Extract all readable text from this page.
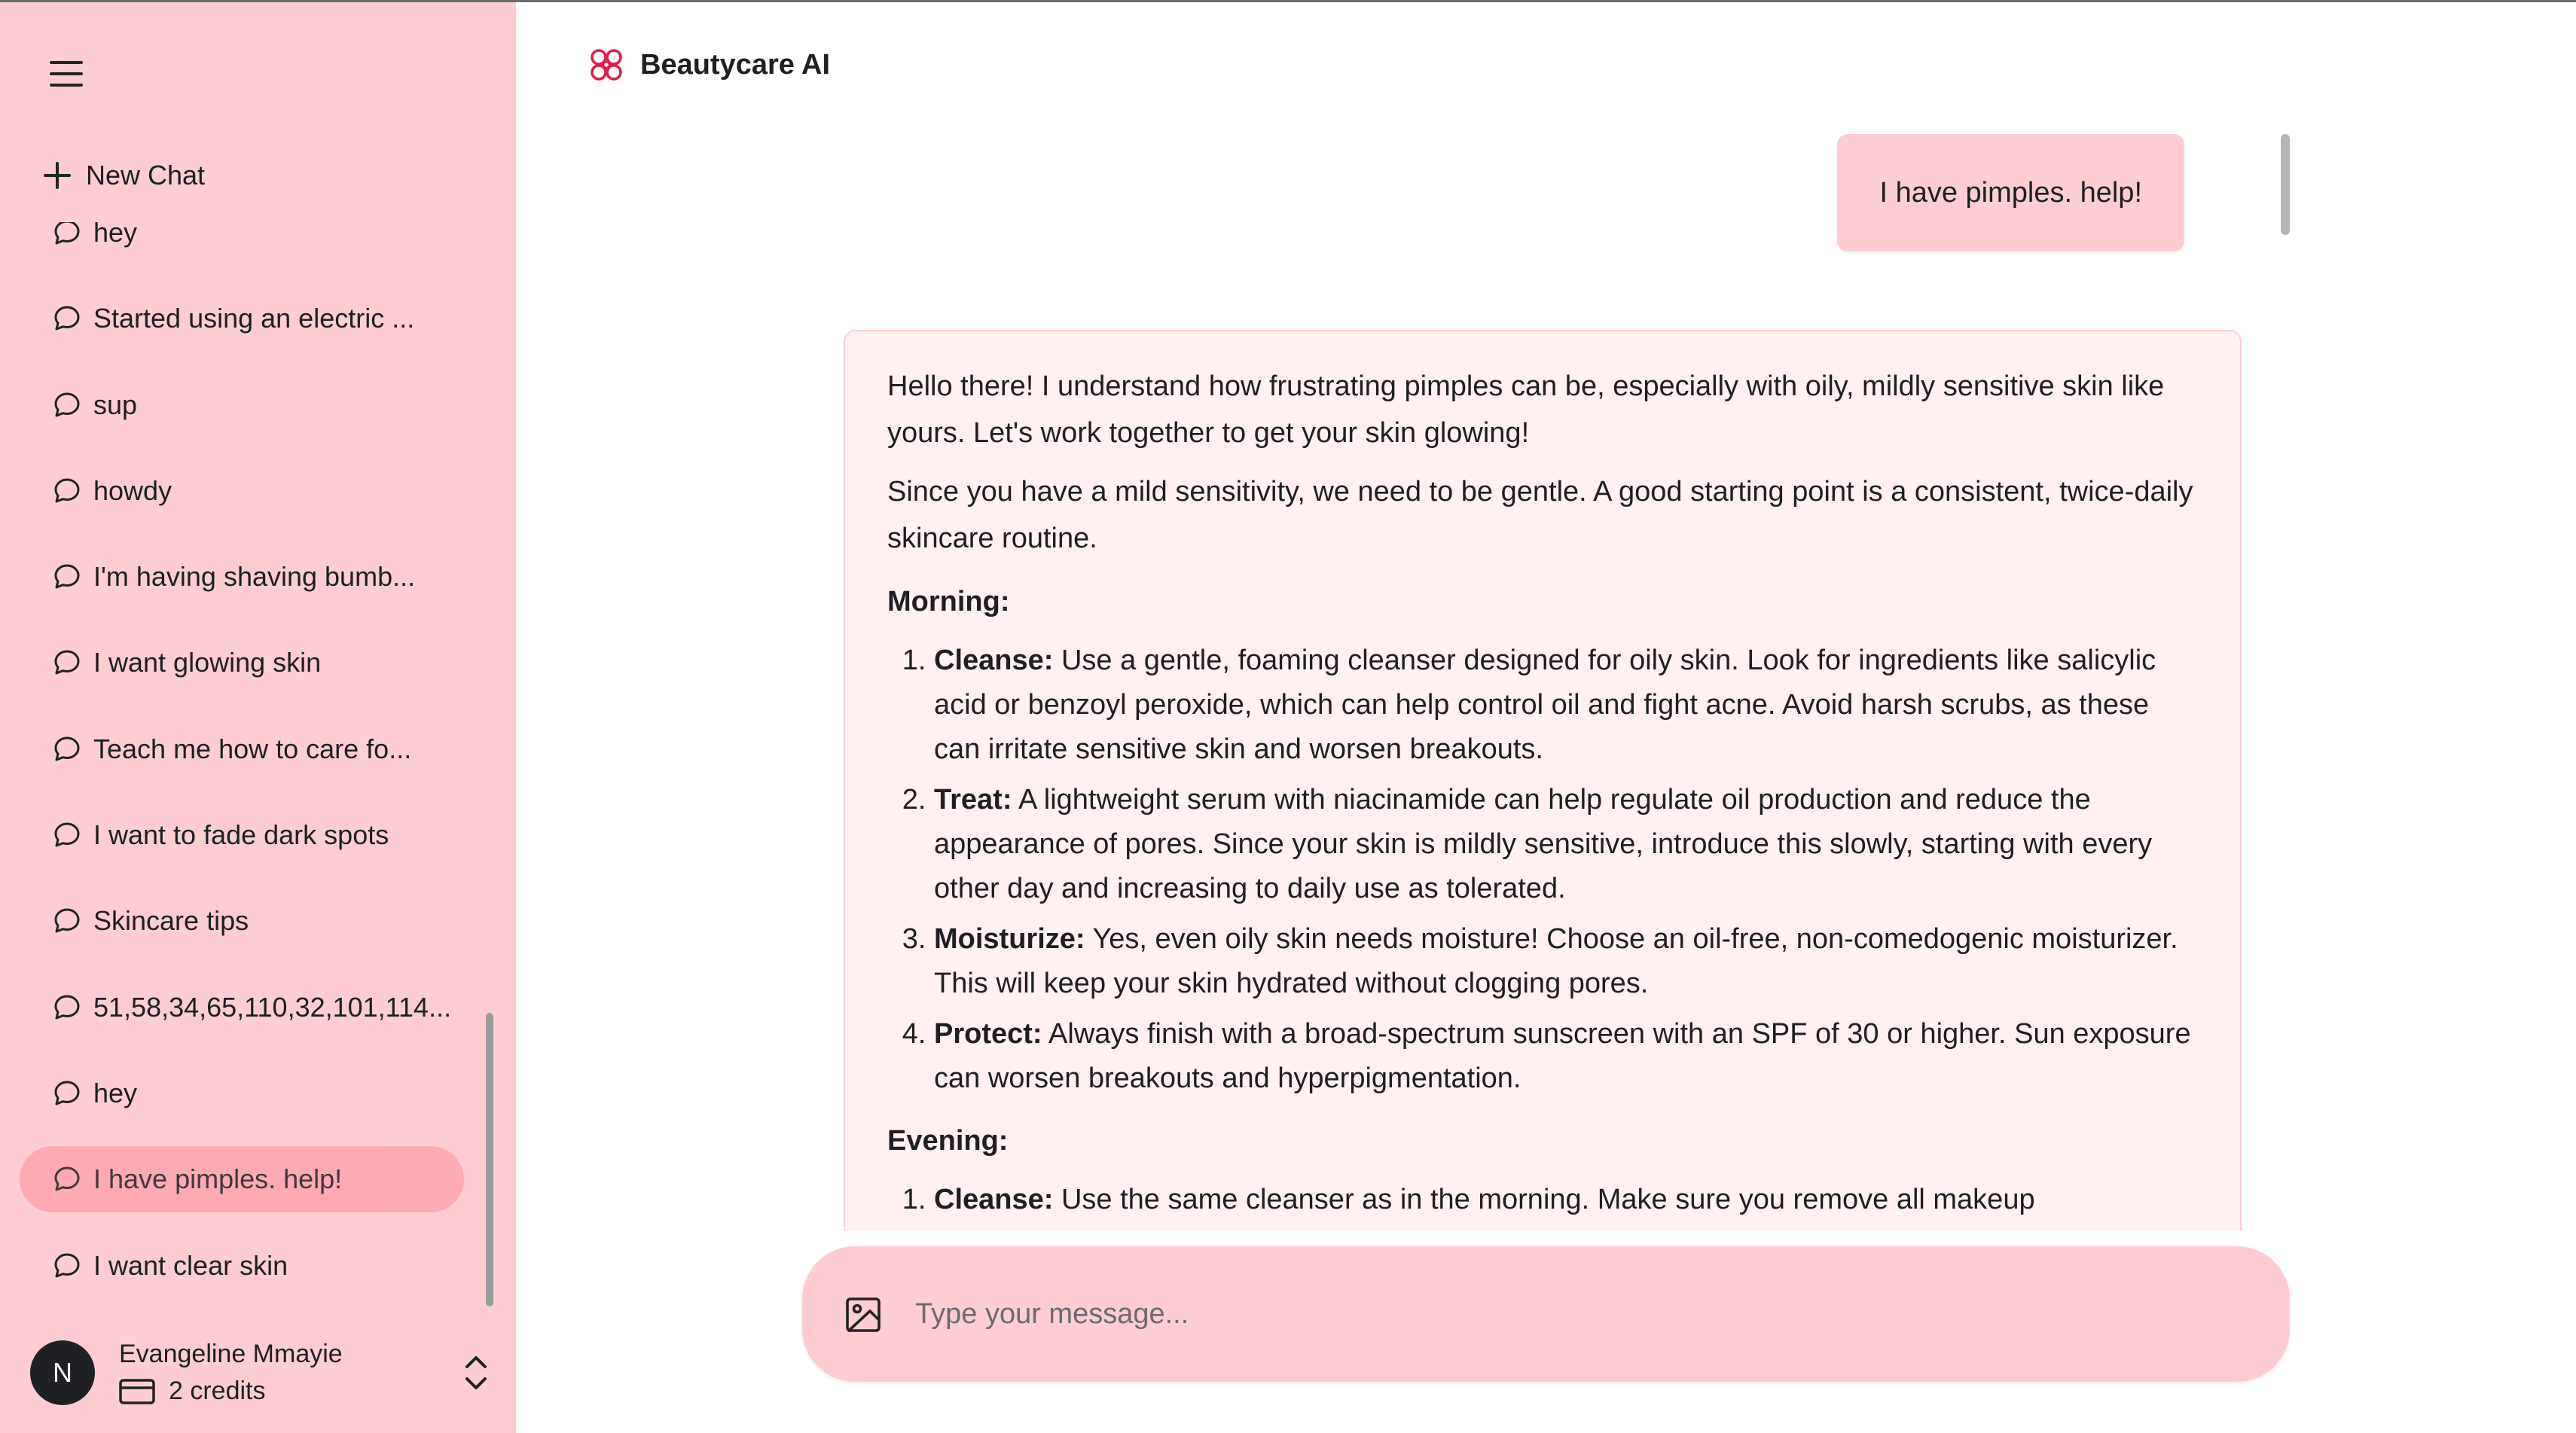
New Chat
hey
Started using an electric ...
sup
howdy
I'm having shaving bumb...
I want glowing skin
Teach me how to care fo...
I want to fade dark spots
Skincare tips
51,58,34,65,110,32,101,114...
hey
I have pimples. help!
I want clear skin
N
Evangeline Mmayie
2 credits
Beautycare AI
I have pimples. help!

Hello there! I understand how frustrating pimples can be, especially with oily, mildly sensitive skin like yours. Let's work together to get your skin glowing!

Since you have a mild sensitivity, we need to be gentle. A good starting point is a consistent, twice-daily skincare routine.

Morning:

1. Cleanse: Use a gentle, foaming cleanser designed for oily skin. Look for ingredients like salicylic acid or benzoyl peroxide, which can help control oil and fight acne. Avoid harsh scrubs, as these can irritate sensitive skin and worsen breakouts.
2. Treat: A lightweight serum with niacinamide can help regulate oil production and reduce the appearance of pores. Since your skin is mildly sensitive, introduce this slowly, starting with every other day and increasing to daily use as tolerated.
3. Moisturize: Yes, even oily skin needs moisture! Choose an oil-free, non-comedogenic moisturizer. This will keep your skin hydrated without clogging pores.
4. Protect: Always finish with a broad-spectrum sunscreen with an SPF of 30 or higher. Sun exposure can worsen breakouts and hyperpigmentation.

Evening:

1. Cleanse: Use the same cleanser as in the morning. Make sure you remove all makeup
Type your message...
